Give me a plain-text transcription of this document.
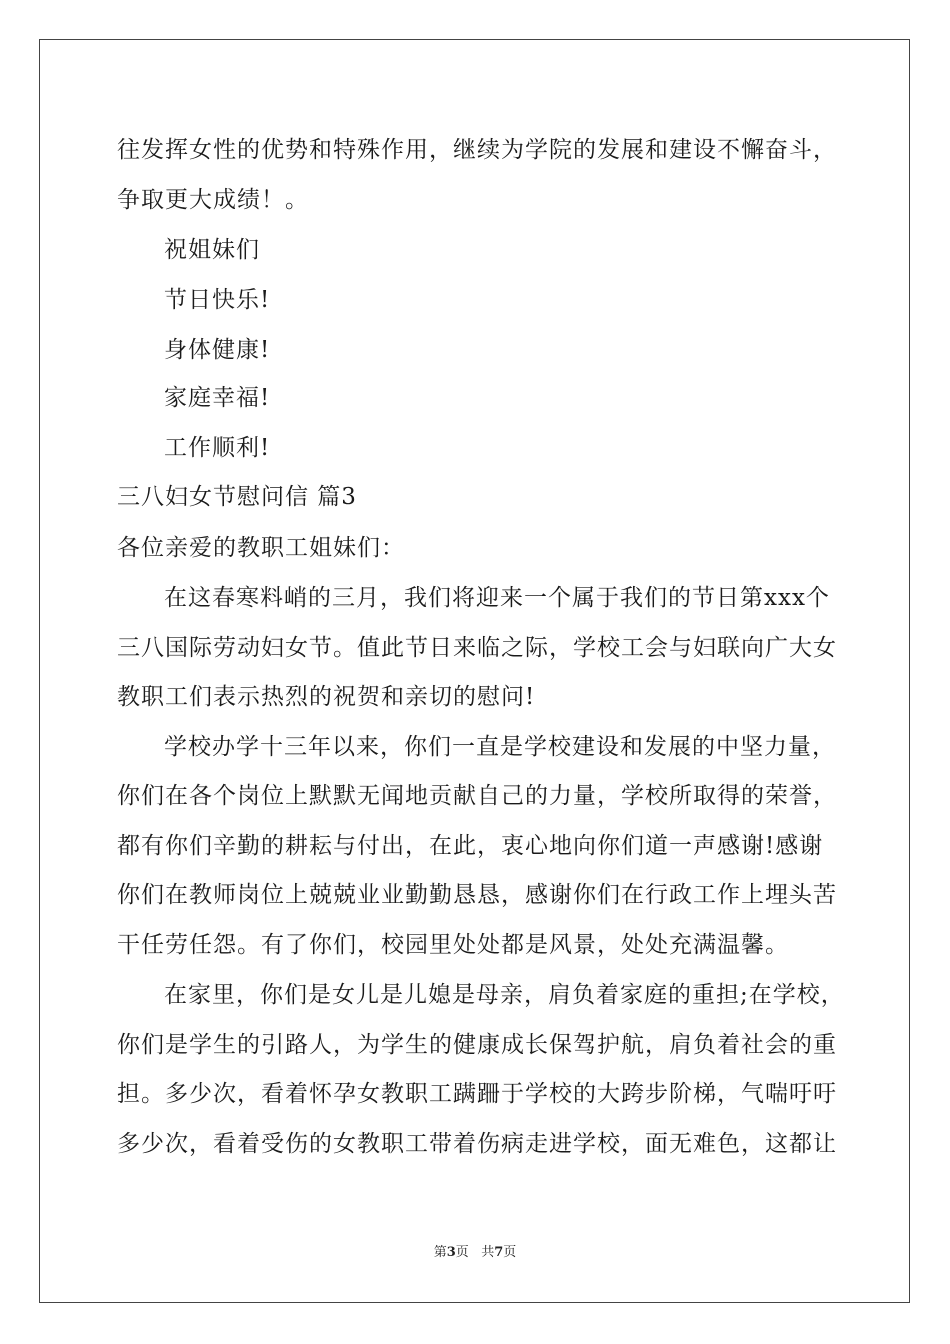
往发挥女性的优势和特殊作用，继续为学院的发展和建设不懈奋斗，
争取更大成绩！。
祝姐妹们
节日快乐!
身体健康!
家庭幸福!
工作顺利!
三八妇女节慰问信 篇3
各位亲爱的教职工姐妹们：
在这春寒料峭的三月，我们将迎来一个属于我们的节日第xxx个
三八国际劳动妇女节。值此节日来临之际，学校工会与妇联向广大女
教职工们表示热烈的祝贺和亲切的慰问!
学校办学十三年以来，你们一直是学校建设和发展的中坚力量，
你们在各个岗位上默默无闻地贡献自己的力量，学校所取得的荣誉，
都有你们辛勤的耕耘与付出，在此，衷心地向你们道一声感谢!感谢
你们在教师岗位上兢兢业业勤勤恳恳，感谢你们在行政工作上埋头苦
干任劳任怨。有了你们，校园里处处都是风景，处处充满温馨。
在家里，你们是女儿是儿媳是母亲，肩负着家庭的重担;在学校，
你们是学生的引路人，为学生的健康成长保驾护航，肩负着社会的重
担。多少次，看着怀孕女教职工蹒跚于学校的大跨步阶梯，气喘吁吁
多少次，看着受伤的女教职工带着伤病走进学校，面无难色，这都让
第3页 共7页
